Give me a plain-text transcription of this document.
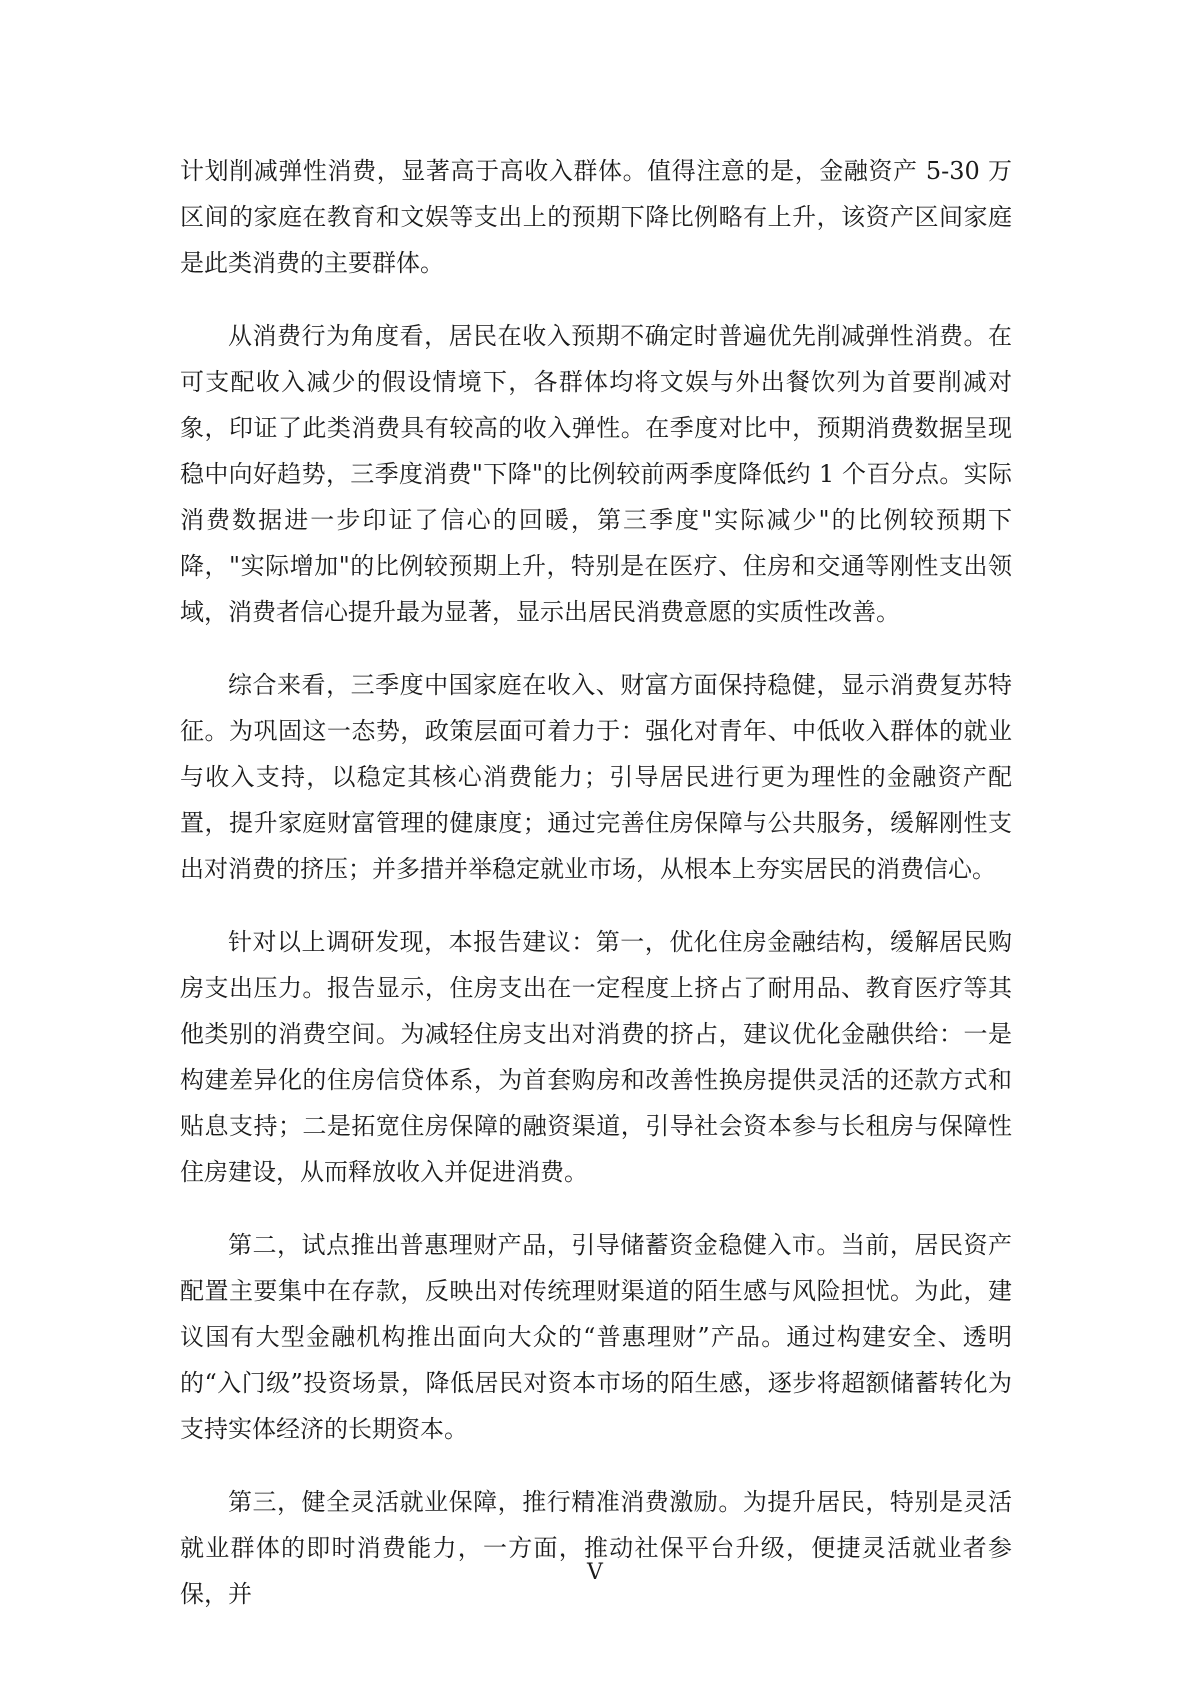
计划削减弹性消费，显著高于高收入群体。值得注意的是，金融资产 5-30 万区间的家庭在教育和文娱等支出上的预期下降比例略有上升，该资产区间家庭是此类消费的主要群体。

从消费行为角度看，居民在收入预期不确定时普遍优先削减弹性消费。在可支配收入减少的假设情境下，各群体均将文娱与外出餐饮列为首要削减对象，印证了此类消费具有较高的收入弹性。在季度对比中，预期消费数据呈现稳中向好趋势，三季度消费"下降"的比例较前两季度降低约 1 个百分点。实际消费数据进一步印证了信心的回暖，第三季度"实际减少"的比例较预期下降，"实际增加"的比例较预期上升，特别是在医疗、住房和交通等刚性支出领域，消费者信心提升最为显著，显示出居民消费意愿的实质性改善。

综合来看，三季度中国家庭在收入、财富方面保持稳健，显示消费复苏特征。为巩固这一态势，政策层面可着力于：强化对青年、中低收入群体的就业与收入支持，以稳定其核心消费能力；引导居民进行更为理性的金融资产配置，提升家庭财富管理的健康度；通过完善住房保障与公共服务，缓解刚性支出对消费的挤压；并多措并举稳定就业市场，从根本上夯实居民的消费信心。

针对以上调研发现，本报告建议：第一，优化住房金融结构，缓解居民购房支出压力。报告显示，住房支出在一定程度上挤占了耐用品、教育医疗等其他类别的消费空间。为减轻住房支出对消费的挤占，建议优化金融供给：一是构建差异化的住房信贷体系，为首套购房和改善性换房提供灵活的还款方式和贴息支持；二是拓宽住房保障的融资渠道，引导社会资本参与长租房与保障性住房建设，从而释放收入并促进消费。

第二，试点推出普惠理财产品，引导储蓄资金稳健入市。当前，居民资产配置主要集中在存款，反映出对传统理财渠道的陌生感与风险担忧。为此，建议国有大型金融机构推出面向大众的“普惠理财”产品。通过构建安全、透明的“入门级”投资场景，降低居民对资本市场的陌生感，逐步将超额储蓄转化为支持实体经济的长期资本。

第三，健全灵活就业保障，推行精准消费激励。为提升居民，特别是灵活就业群体的即时消费能力，一方面，推动社保平台升级，便捷灵活就业者参保，并

V
